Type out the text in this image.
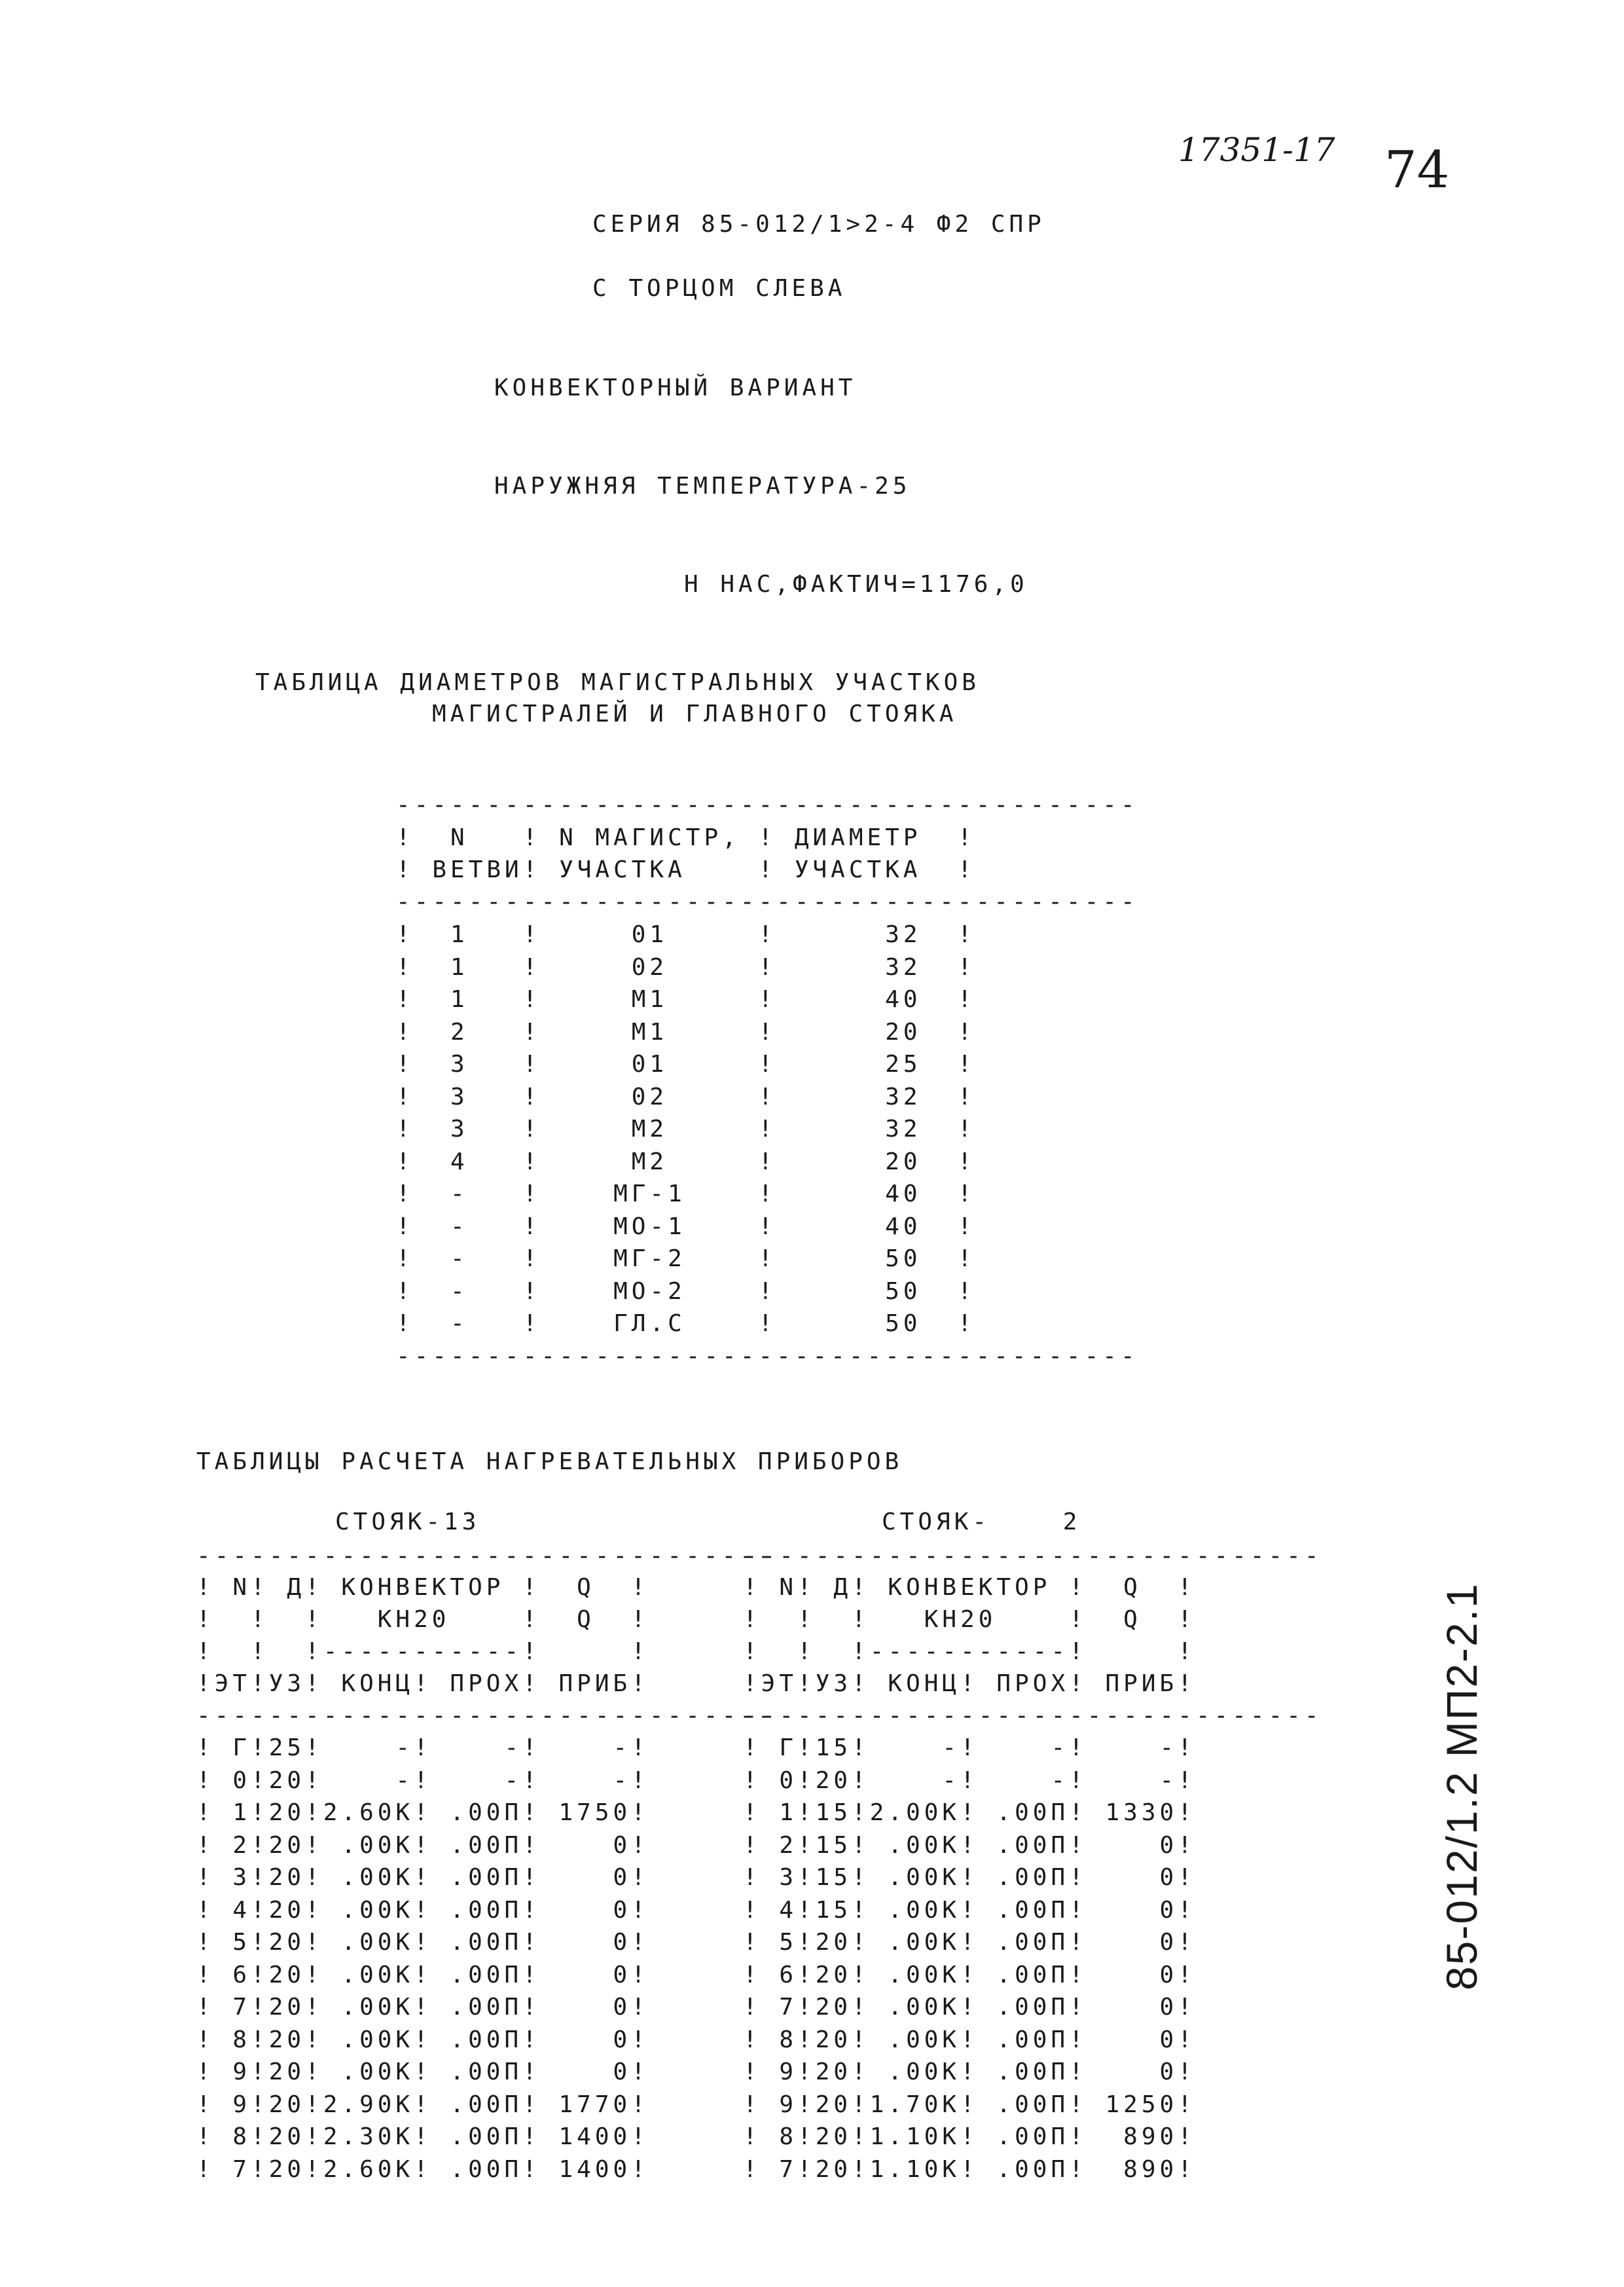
17351-17 74
СЕРИЯ 85-012/1>2-4 Ф2 СПР
С ТОРЦОМ СЛЕВА
КОНВЕКТОРНЫЙ ВАРИАНТ
НАРУЖНЯЯ ТЕМПЕРАТУРА-25
Н НАС,ФАКТИЧ=1176,0
ТАБЛИЦА ДИАМЕТРОВ МАГИСТРАЛЬНЫХ УЧАСТКОВ
МАГИСТРАЛЕЙ И ГЛАВНОГО СТОЯКА
-----------------------------------------
!  N   ! N МАГИСТР, ! ДИАМЕТР  !
! ВЕТВИ! УЧАСТКА    ! УЧАСТКА  !
-----------------------------------------
!  1   !     01     !      32  !
!  1   !     02     !      32  !
!  1   !     М1     !      40  !
!  2   !     М1     !      20  !
!  3   !     01     !      25  !
!  3   !     02     !      32  !
!  3   !     М2     !      32  !
!  4   !     М2     !      20  !
!  -   !    МГ-1    !      40  !
!  -   !    МО-1    !      40  !
!  -   !    МГ-2    !      50  !
!  -   !    МО-2    !      50  !
!  -   !    ГЛ.С    !      50  !
-----------------------------------------
ТАБЛИЦЫ РАСЧЕТА НАГРЕВАТЕЛЬНЫХ ПРИБОРОВ
СТОЯК-13
--------------------------------
! N! Д! КОНВЕКТОР !  Q  !
!  !  !   КН20    !  Q  !
!  !  !-----------!     !
!ЭТ!УЗ! КОНЦ! ПРОХ! ПРИБ!
--------------------------------
! Г!25!    -!    -!    -!
! 0!20!    -!    -!    -!
! 1!20!2.60К! .00П! 1750!
! 2!20! .00К! .00П!    0!
! 3!20! .00К! .00П!    0!
! 4!20! .00К! .00П!    0!
! 5!20! .00К! .00П!    0!
! 6!20! .00К! .00П!    0!
! 7!20! .00К! .00П!    0!
! 8!20! .00К! .00П!    0!
! 9!20! .00К! .00П!    0!
! 9!20!2.90К! .00П! 1770!
! 8!20!2.30К! .00П! 1400!
! 7!20!2.60К! .00П! 1400!
СТОЯК-    2
--------------------------------
! N! Д! КОНВЕКТОР !  Q  !
!  !  !   КН20    !  Q  !
!  !  !-----------!     !
!ЭТ!УЗ! КОНЦ! ПРОХ! ПРИБ!
--------------------------------
! Г!15!    -!    -!    -!
! 0!20!    -!    -!    -!
! 1!15!2.00К! .00П! 1330!
! 2!15! .00К! .00П!    0!
! 3!15! .00К! .00П!    0!
! 4!15! .00К! .00П!    0!
! 5!20! .00К! .00П!    0!
! 6!20! .00К! .00П!    0!
! 7!20! .00К! .00П!    0!
! 8!20! .00К! .00П!    0!
! 9!20! .00К! .00П!    0!
! 9!20!1.70К! .00П! 1250!
! 8!20!1.10К! .00П!  890!
! 7!20!1.10К! .00П!  890!
85-012/1.2 МП2-2.1
